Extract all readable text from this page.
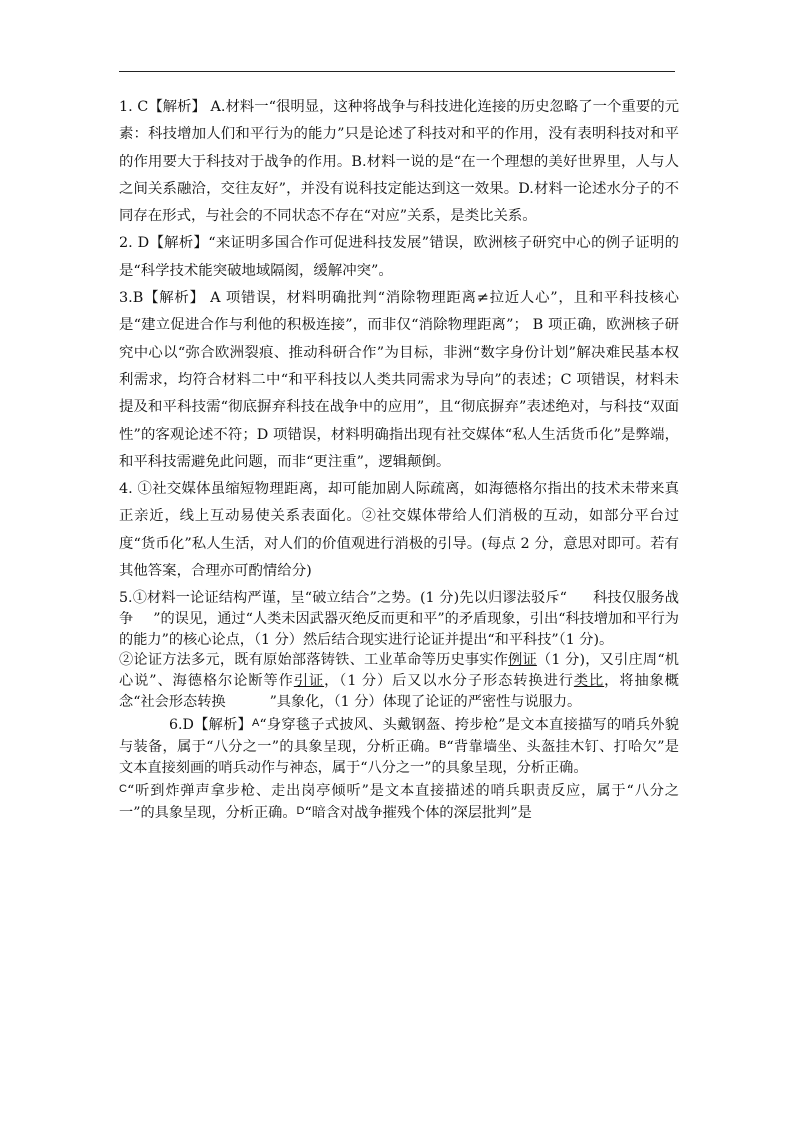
1. C【解析】 A.材料一“很明显，这种将战争与科技进化连接的历史忽略了一个重要的元素：科技增加人们和平行为的能力”只是论述了科技对和平的作用，没有表明科技对和平的作用要大于科技对于战争的作用。B.材料一说的是“在一个理想的美好世界里，人与人之间关系融洽，交往友好”，并没有说科技定能达到这一效果。D.材料一论述水分子的不同存在形式，与社会的不同状态不存在“对应”关系，是类比关系。

2. D【解析】“来证明多国合作可促进科技发展”错误，欧洲核子研究中心的例子证明的是“科学技术能突破地域隔阂，缓解冲突”。

3.B【解析】 A 项错误，材料明确批判“消除物理距离≠拉近人心”，且和平科技核心是“建立促进合作与利他的积极连接”，而非仅“消除物理距离”； B 项正确，欧洲核子研究中心以“弥合欧洲裂痕、推动科研合作”为目标，非洲“数字身份计划”解决难民基本权利需求，均符合材料二中“和平科技以人类共同需求为导向”的表述；C 项错误，材料未提及和平科技需“彻底摒弃科技在战争中的应用”，且“彻底摒弃”表述绝对，与科技“双面性”的客观论述不符；D 项错误，材料明确指出现有社交媒体“私人生活货币化”是弊端，和平科技需避免此问题，而非“更注重”，逻辑颠倒。

4. ①社交媒体虽缩短物理距离，却可能加剧人际疏离，如海德格尔指出的技术未带来真正亲近，线上互动易使关系表面化。②社交媒体带给人们消极的互动，如部分平台过度“货币化”私人生活，对人们的价值观进行消极的引导。(每点 2 分，意思对即可。若有其他答案，合理亦可酌情给分)

5.①材料一论证结构严谨，呈“破立结合”之势。(1 分)先以归谬法驳斥“ 科技仅服务战争 ”的误见，通过“人类未因武器灭绝反而更和平”的矛盾现象，引出“科技增加和平行为的能力”的核心论点，（1 分）然后结合现实进行论证并提出“和平科技”（1 分)。

②论证方法多元，既有原始部落铸铁、工业革命等历史事实作例证（1 分)，又引庄周“机心说”、海德格尔论断等作引证，（1 分）后又以水分子形态转换进行类比，将抽象概念“社会形态转换	”具象化，（1 分）体现了论证的严密性与说服力。

6.D【解析】$^A$“身穿毯子式披风、头戴钢盔、挎步枪”是文本直接描写的哨兵外貌与装备，属于“八分之一”的具象呈现，分析正确。$^B$“背靠墙坐、头盔挂木钉、打哈欠”是文本直接刻画的哨兵动作与神态，属于“八分之一”的具象呈现，分析正确。
$^C$“听到炸弹声拿步枪、走出岗亭倾听”是文本直接描述的哨兵职责反应，属于“八分之一”的具象呈现，分析正确。$^D$“暗含对战争摧残个体的深层批判”是
